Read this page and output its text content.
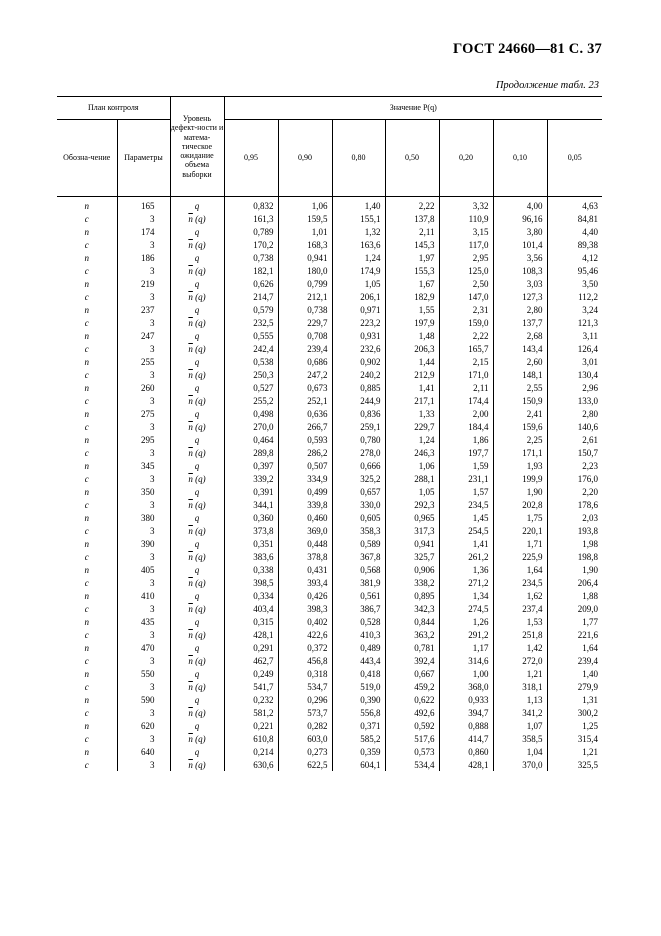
ГОСТ 24660—81 С. 37
Продолжение табл. 23
План контроля		Уровень дефект-ности и матема-тическое ожидание объема выборки	Значение P(q)						
Обозна-чение	Параметры		0,95	0,90	0,80	0,50	0,20	0,10	0,05
n	165	q	0,832	1,06	1,40	2,22	3,32	4,00	4,63
c	3	$\overline{n}$ (q)	161,3	159,5	155,1	137,8	110,9	96,16	84,81
n	174	q	0,789	1,01	1,32	2,11	3,15	3,80	4,40
c	3	$\overline{n}$ (q)	170,2	168,3	163,6	145,3	117,0	101,4	89,38
n	186	q	0,738	0,941	1,24	1,97	2,95	3,56	4,12
c	3	$\overline{n}$ (q)	182,1	180,0	174,9	155,3	125,0	108,3	95,46
n	219	q	0,626	0,799	1,05	1,67	2,50	3,03	3,50
c	3	$\overline{n}$ (q)	214,7	212,1	206,1	182,9	147,0	127,3	112,2
n	237	q	0,579	0,738	0,971	1,55	2,31	2,80	3,24
c	3	$\overline{n}$ (q)	232,5	229,7	223,2	197,9	159,0	137,7	121,3
n	247	q	0,555	0,708	0,931	1,48	2,22	2,68	3,11
c	3	$\overline{n}$ (q)	242,4	239,4	232,6	206,3	165,7	143,4	126,4
n	255	q	0,538	0,686	0,902	1,44	2,15	2,60	3,01
c	3	$\overline{n}$ (q)	250,3	247,2	240,2	212,9	171,0	148,1	130,4
n	260	q	0,527	0,673	0,885	1,41	2,11	2,55	2,96
c	3	$\overline{n}$ (q)	255,2	252,1	244,9	217,1	174,4	150,9	133,0
n	275	q	0,498	0,636	0,836	1,33	2,00	2,41	2,80
c	3	$\overline{n}$ (q)	270,0	266,7	259,1	229,7	184,4	159,6	140,6
n	295	q	0,464	0,593	0,780	1,24	1,86	2,25	2,61
c	3	$\overline{n}$ (q)	289,8	286,2	278,0	246,3	197,7	171,1	150,7
n	345	q	0,397	0,507	0,666	1,06	1,59	1,93	2,23
c	3	$\overline{n}$ (q)	339,2	334,9	325,2	288,1	231,1	199,9	176,0
n	350	q	0,391	0,499	0,657	1,05	1,57	1,90	2,20
c	3	$\overline{n}$ (q)	344,1	339,8	330,0	292,3	234,5	202,8	178,6
n	380	q	0,360	0,460	0,605	0,965	1,45	1,75	2,03
c	3	$\overline{n}$ (q)	373,8	369,0	358,3	317,3	254,5	220,1	193,8
n	390	q	0,351	0,448	0,589	0,941	1,41	1,71	1,98
c	3	$\overline{n}$ (q)	383,6	378,8	367,8	325,7	261,2	225,9	198,8
n	405	q	0,338	0,431	0,568	0,906	1,36	1,64	1,90
c	3	$\overline{n}$ (q)	398,5	393,4	381,9	338,2	271,2	234,5	206,4
n	410	q	0,334	0,426	0,561	0,895	1,34	1,62	1,88
c	3	$\overline{n}$ (q)	403,4	398,3	386,7	342,3	274,5	237,4	209,0
n	435	q	0,315	0,402	0,528	0,844	1,26	1,53	1,77
c	3	$\overline{n}$ (q)	428,1	422,6	410,3	363,2	291,2	251,8	221,6
n	470	q	0,291	0,372	0,489	0,781	1,17	1,42	1,64
c	3	$\overline{n}$ (q)	462,7	456,8	443,4	392,4	314,6	272,0	239,4
n	550	q	0,249	0,318	0,418	0,667	1,00	1,21	1,40
c	3	$\overline{n}$ (q)	541,7	534,7	519,0	459,2	368,0	318,1	279,9
n	590	q	0,232	0,296	0,390	0,622	0,933	1,13	1,31
c	3	$\overline{n}$ (q)	581,2	573,7	556,8	492,6	394,7	341,2	300,2
n	620	q	0,221	0,282	0,371	0,592	0,888	1,07	1,25
c	3	$\overline{n}$ (q)	610,8	603,0	585,2	517,6	414,7	358,5	315,4
n	640	q	0,214	0,273	0,359	0,573	0,860	1,04	1,21
c	3	$\overline{n}$ (q)	630,6	622,5	604,1	534,4	428,1	370,0	325,5
